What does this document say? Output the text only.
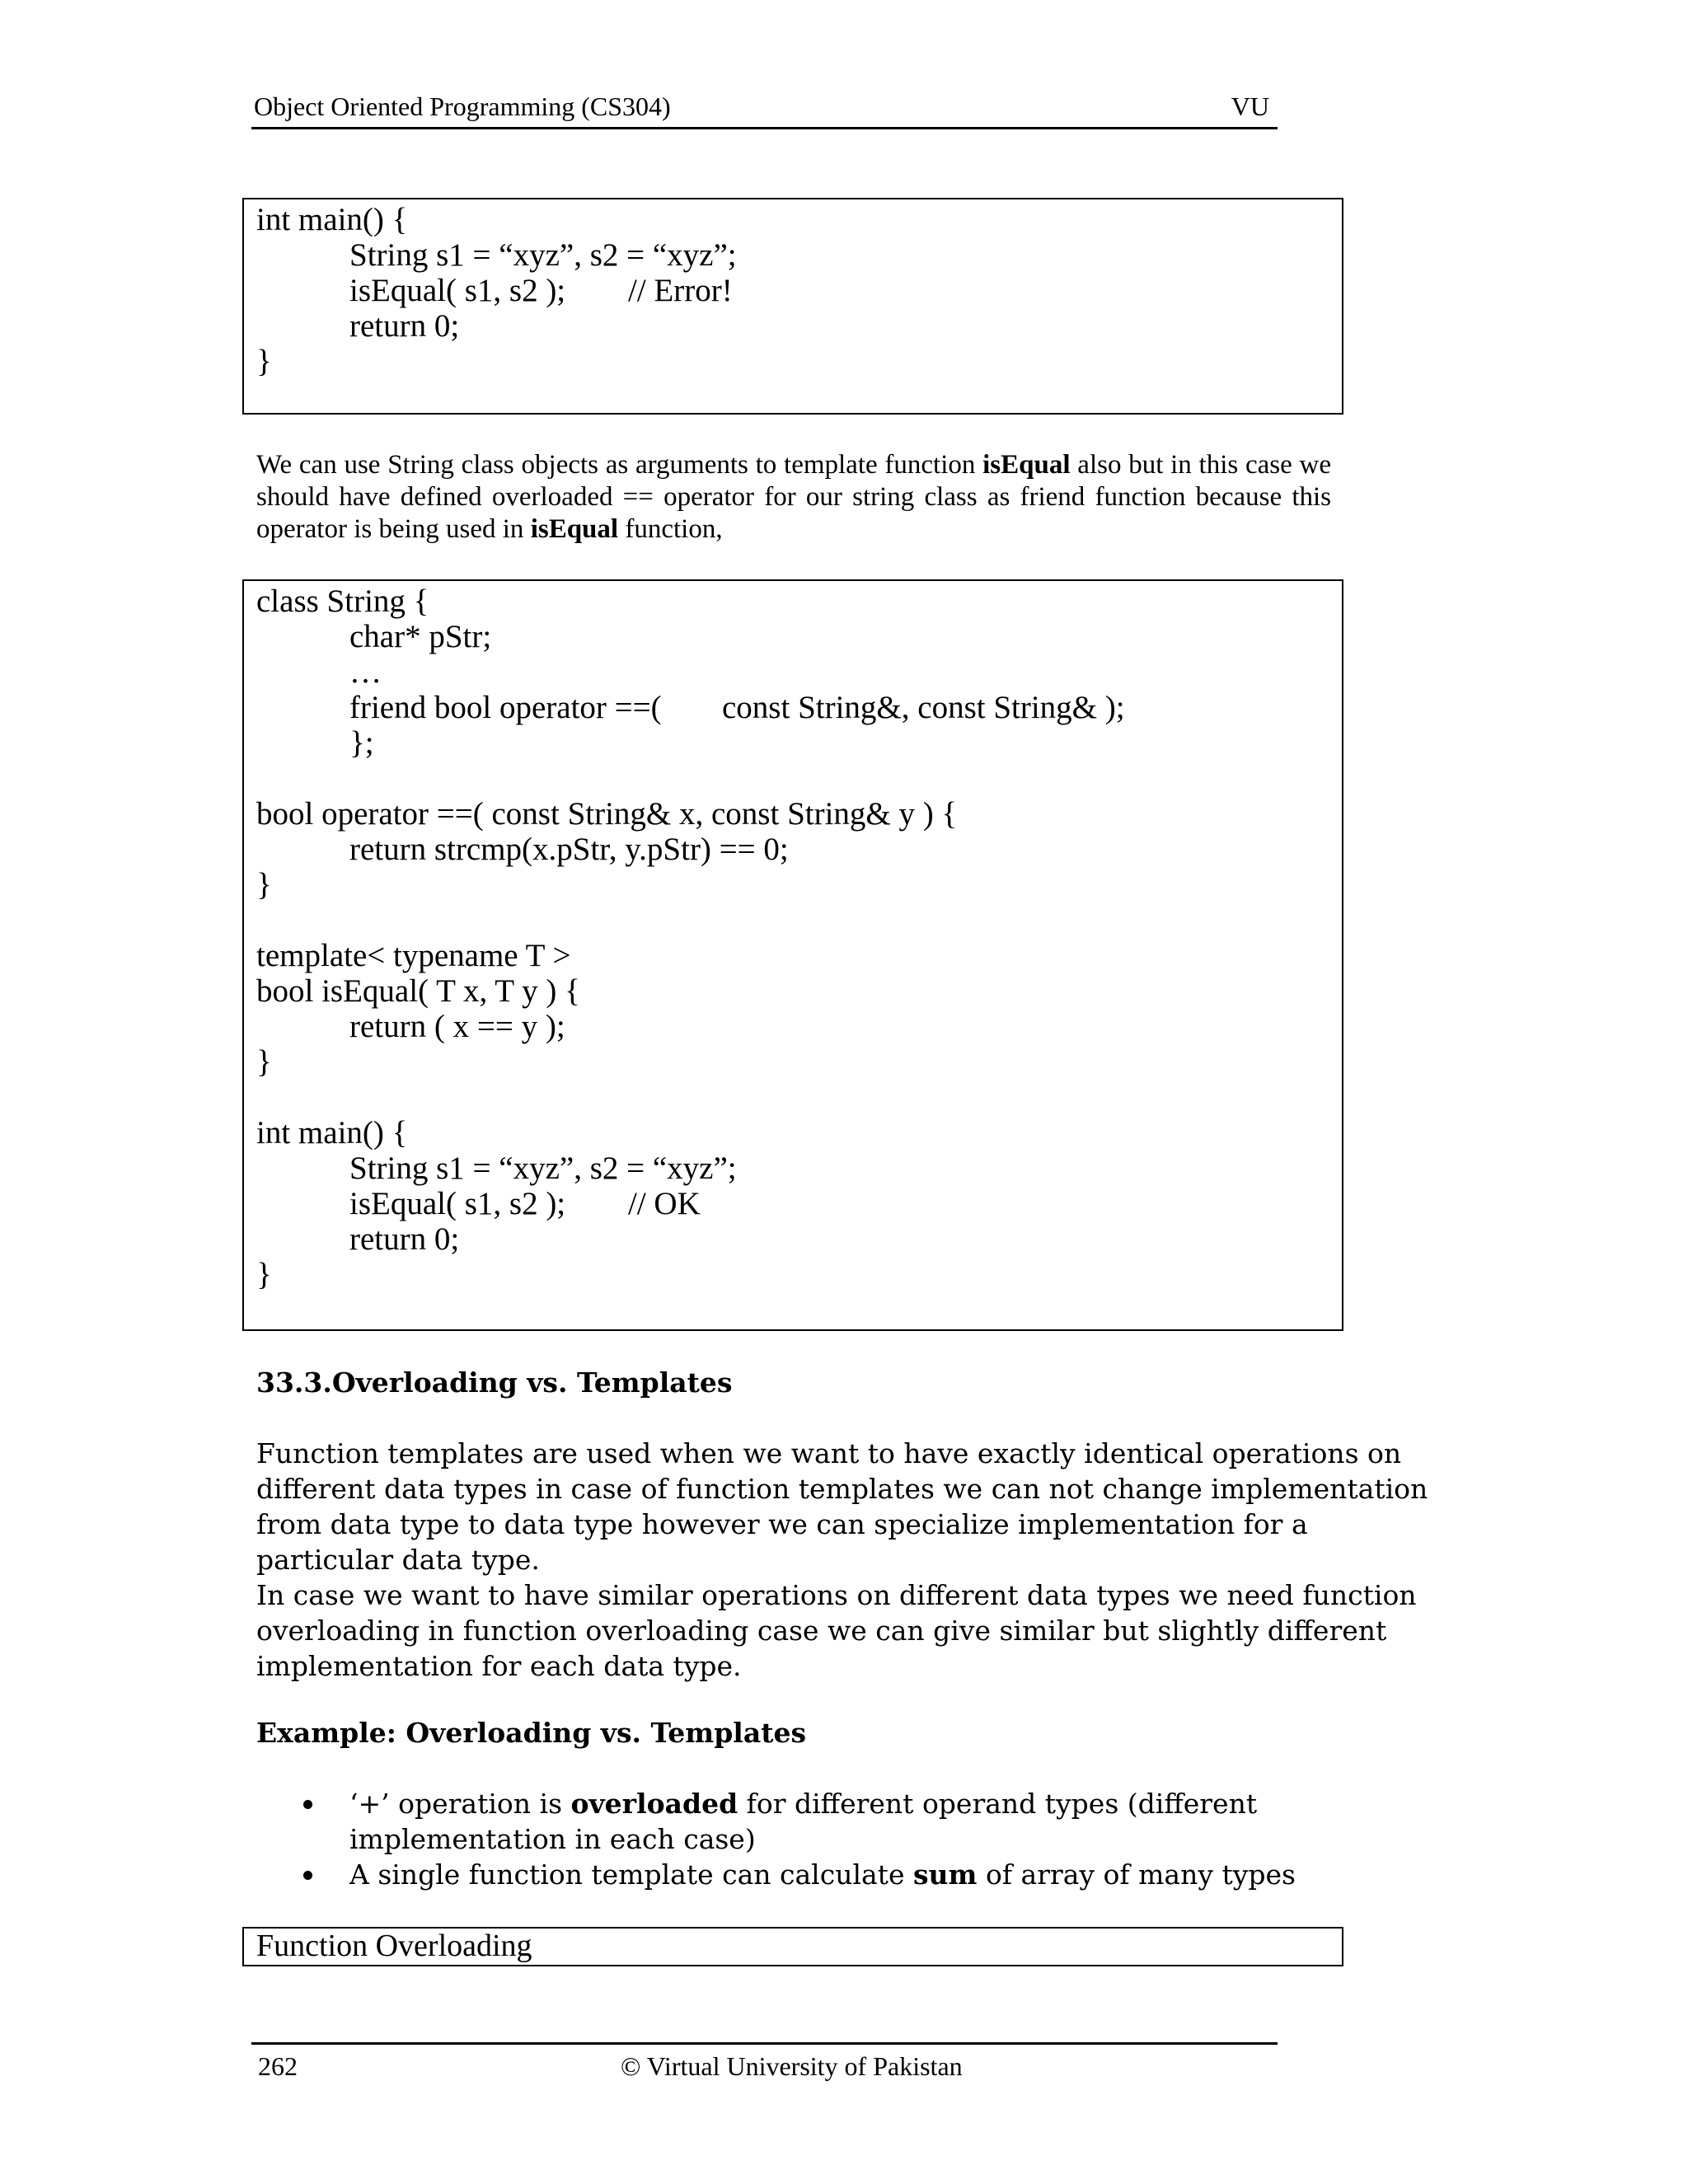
Object Oriented Programming (CS304)	VU
int main() {
String s1 = “xyz”, s2 = “xyz”;
isEqual( s1, s2 ); // Error!
return 0;
}
We can use String class objects as arguments to template function isEqual also but in this case we should have defined overloaded == operator for our string class as friend function because this operator is being used in isEqual function,
class String {
char* pStr;
…
friend bool operator ==( const String&, const String& );
};
bool operator ==( const String& x, const String& y ) {
return strcmp(x.pStr, y.pStr) == 0;
}
template< typename T >
bool isEqual( T x, T y ) {
return ( x == y );
}
int main() {
String s1 = “xyz”, s2 = “xyz”;
isEqual( s1, s2 ); // OK
return 0;
}
33.3.Overloading vs. Templates
Function templates are used when we want to have exactly identical operations on
different data types in case of function templates we can not change implementation
from data type to data type however we can specialize implementation for a
particular data type.
In case we want to have similar operations on different data types we need function
overloading in function overloading case we can give similar but slightly different
implementation for each data type.
Example: Overloading vs. Templates
‘+’ operation is overloaded for different operand types (different
implementation in each case)
A single function template can calculate sum of array of many types
Function Overloading
262	© Virtual University of Pakistan
